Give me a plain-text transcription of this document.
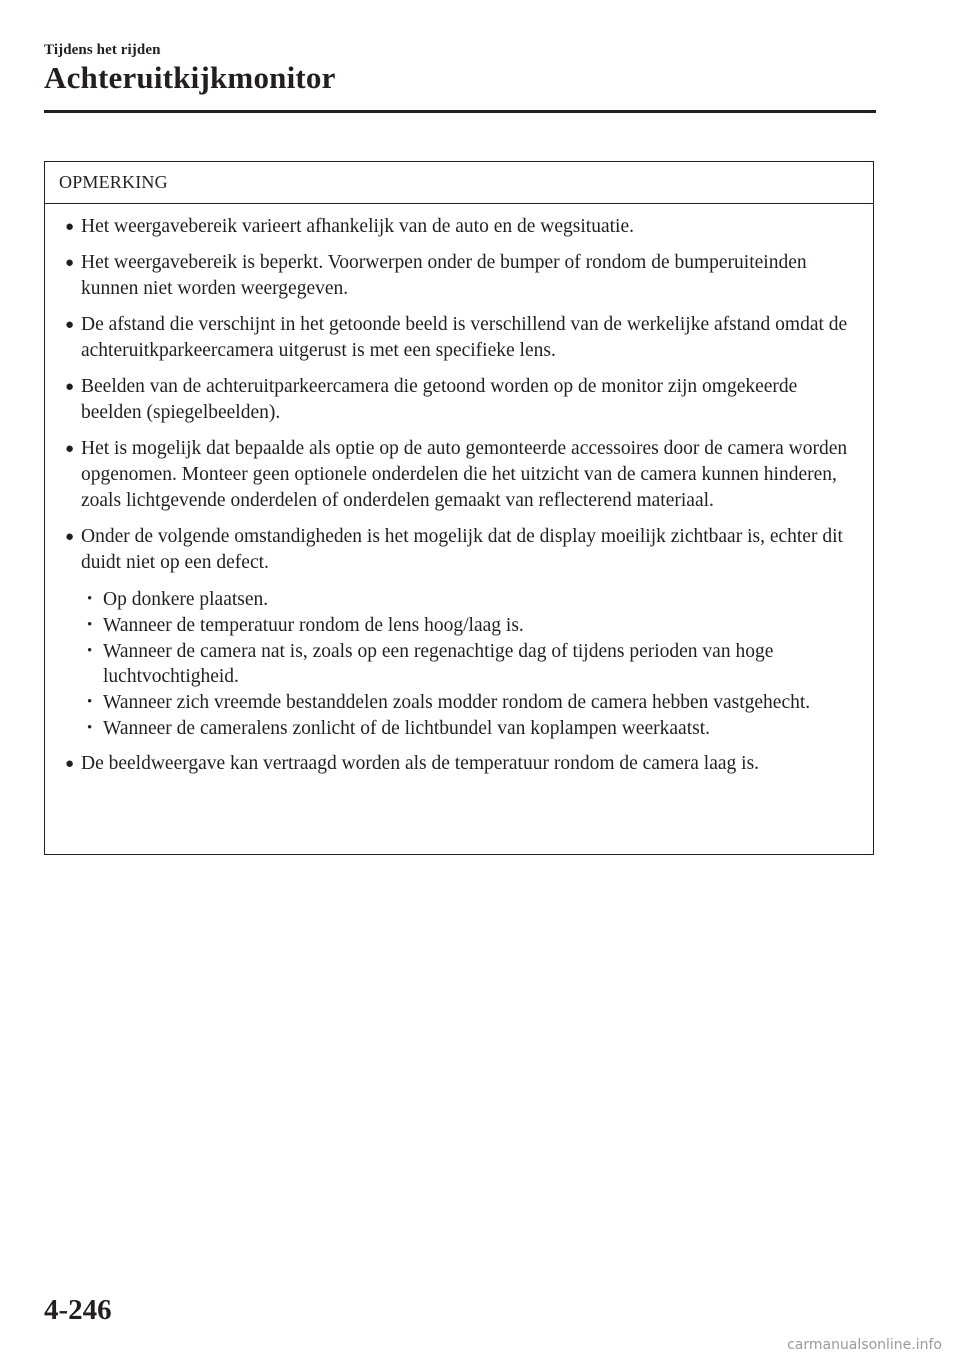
Tijdens het rijden
Achteruitkijkmonitor
OPMERKING
● Het weergavebereik varieert afhankelijk van de auto en de wegsituatie.
● Het weergavebereik is beperkt. Voorwerpen onder de bumper of rondom de bumperuiteinden kunnen niet worden weergegeven.
● De afstand die verschijnt in het getoonde beeld is verschillend van de werkelijke afstand omdat de achteruitkparkeercamera uitgerust is met een specifieke lens.
● Beelden van de achteruitparkeercamera die getoond worden op de monitor zijn omgekeerde beelden (spiegelbeelden).
● Het is mogelijk dat bepaalde als optie op de auto gemonteerde accessoires door de camera worden opgenomen. Monteer geen optionele onderdelen die het uitzicht van de camera kunnen hinderen, zoals lichtgevende onderdelen of onderdelen gemaakt van reflecterend materiaal.
● Onder de volgende omstandigheden is het mogelijk dat de display moeilijk zichtbaar is, echter dit duidt niet op een defect.
• Op donkere plaatsen.
• Wanneer de temperatuur rondom de lens hoog/laag is.
• Wanneer de camera nat is, zoals op een regenachtige dag of tijdens perioden van hoge luchtvochtigheid.
• Wanneer zich vreemde bestanddelen zoals modder rondom de camera hebben vastgehecht.
• Wanneer de cameralens zonlicht of de lichtbundel van koplampen weerkaatst.
● De beeldweergave kan vertraagd worden als de temperatuur rondom de camera laag is.
4-246
carmanualsonline.info
